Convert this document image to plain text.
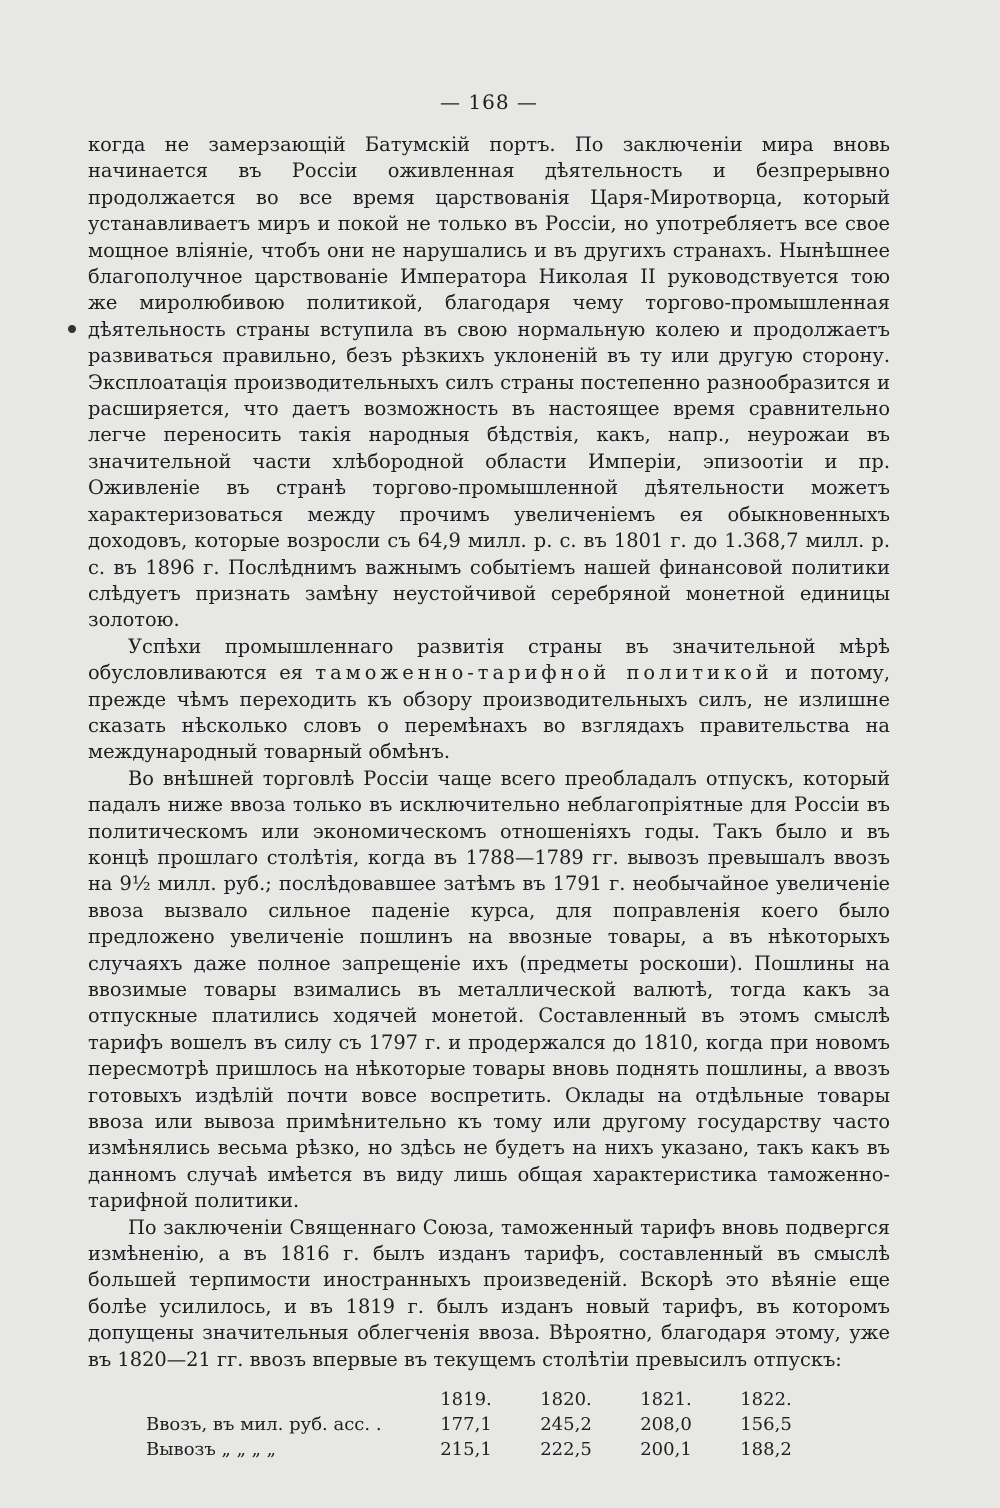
— 168 —

когда не замерзающій Батумскій портъ. По заключеніи мира вновь начинается въ Россіи оживленная дѣятельность и безпрерывно продолжается во все время царствованія Царя-Миротворца, который устанавливаетъ миръ и покой не только въ Россіи, но употребляетъ все свое мощное вліяніе, чтобъ они не нарушались и въ другихъ странахъ. Нынѣшнее благополучное царствованіе Императора Николая II руководствуется тою же миролюбивою политикой, благодаря чему торгово-промышленная дѣятельность страны вступила въ свою нормальную колею и продолжаетъ развиваться правильно, безъ рѣзкихъ уклоненій въ ту или другую сторону. Эксплоатація производительныхъ силъ страны постепенно разнообразится и расширяется, что даетъ возможность въ настоящее время сравнительно легче переносить такія народныя бѣдствія, какъ, напр., неурожаи въ значительной части хлѣбородной области Имперіи, эпизоотіи и пр. Оживленіе въ странѣ торгово-промышленной дѣятельности можетъ характеризоваться между прочимъ увеличеніемъ ея обыкновенныхъ доходовъ, которые возросли съ 64,9 милл. р. с. въ 1801 г. до 1.368,7 милл. р. с. въ 1896 г. Послѣднимъ важнымъ событіемъ нашей финансовой политики слѣдуетъ признать замѣну неустойчивой серебряной монетной единицы золотою.

Успѣхи промышленнаго развитія страны въ значительной мѣрѣ обусловливаются ея таможенно-тарифной политикой и потому, прежде чѣмъ переходить къ обзору производительныхъ силъ, не излишне сказать нѣсколько словъ о перемѣнахъ во взглядахъ правительства на международный товарный обмѣнъ.

Во внѣшней торговлѣ Россіи чаще всего преобладалъ отпускъ, который падалъ ниже ввоза только въ исключительно неблагопріятные для Россіи въ политическомъ или экономическомъ отношеніяхъ годы. Такъ было и въ концѣ прошлаго столѣтія, когда въ 1788—1789 гг. вывозъ превышалъ ввозъ на 9½ милл. руб.; послѣдовавшее затѣмъ въ 1791 г. необычайное увеличеніе ввоза вызвало сильное паденіе курса, для поправленія коего было предложено увеличеніе пошлинъ на ввозные товары, а въ нѣкоторыхъ случаяхъ даже полное запрещеніе ихъ (предметы роскоши). Пошлины на ввозимые товары взимались въ металлической валютѣ, тогда какъ за отпускные платились ходячей монетой. Составленный въ этомъ смыслѣ тарифъ вошелъ въ силу съ 1797 г. и продержался до 1810, когда при новомъ пересмотрѣ пришлось на нѣкоторые товары вновь поднять пошлины, а ввозъ готовыхъ издѣлій почти вовсе воспретить. Оклады на отдѣльные товары ввоза или вывоза примѣнительно къ тому или другому государству часто измѣнялись весьма рѣзко, но здѣсь не будетъ на нихъ указано, такъ какъ въ данномъ случаѣ имѣется въ виду лишь общая характеристика таможенно-тарифной политики.

По заключеніи Священнаго Союза, таможенный тарифъ вновь подвергся измѣненію, а въ 1816 г. былъ изданъ тарифъ, составленный въ смыслѣ большей терпимости иностранныхъ произведеній. Вскорѣ это вѣяніе еще болѣе усилилось, и въ 1819 г. былъ изданъ новый тарифъ, въ которомъ допущены значительныя облегченія ввоза. Вѣроятно, благодаря этому, уже въ 1820—21 гг. ввозъ впервые въ текущемъ столѣтіи превысилъ отпускъ:

	1819.	1820.	1821.	1822.
Ввозъ, въ мил. руб. асс. .	177,1	245,2	208,0	156,5
Вывозъ „ „ „ „	215,1	222,5	200,1	188,2
